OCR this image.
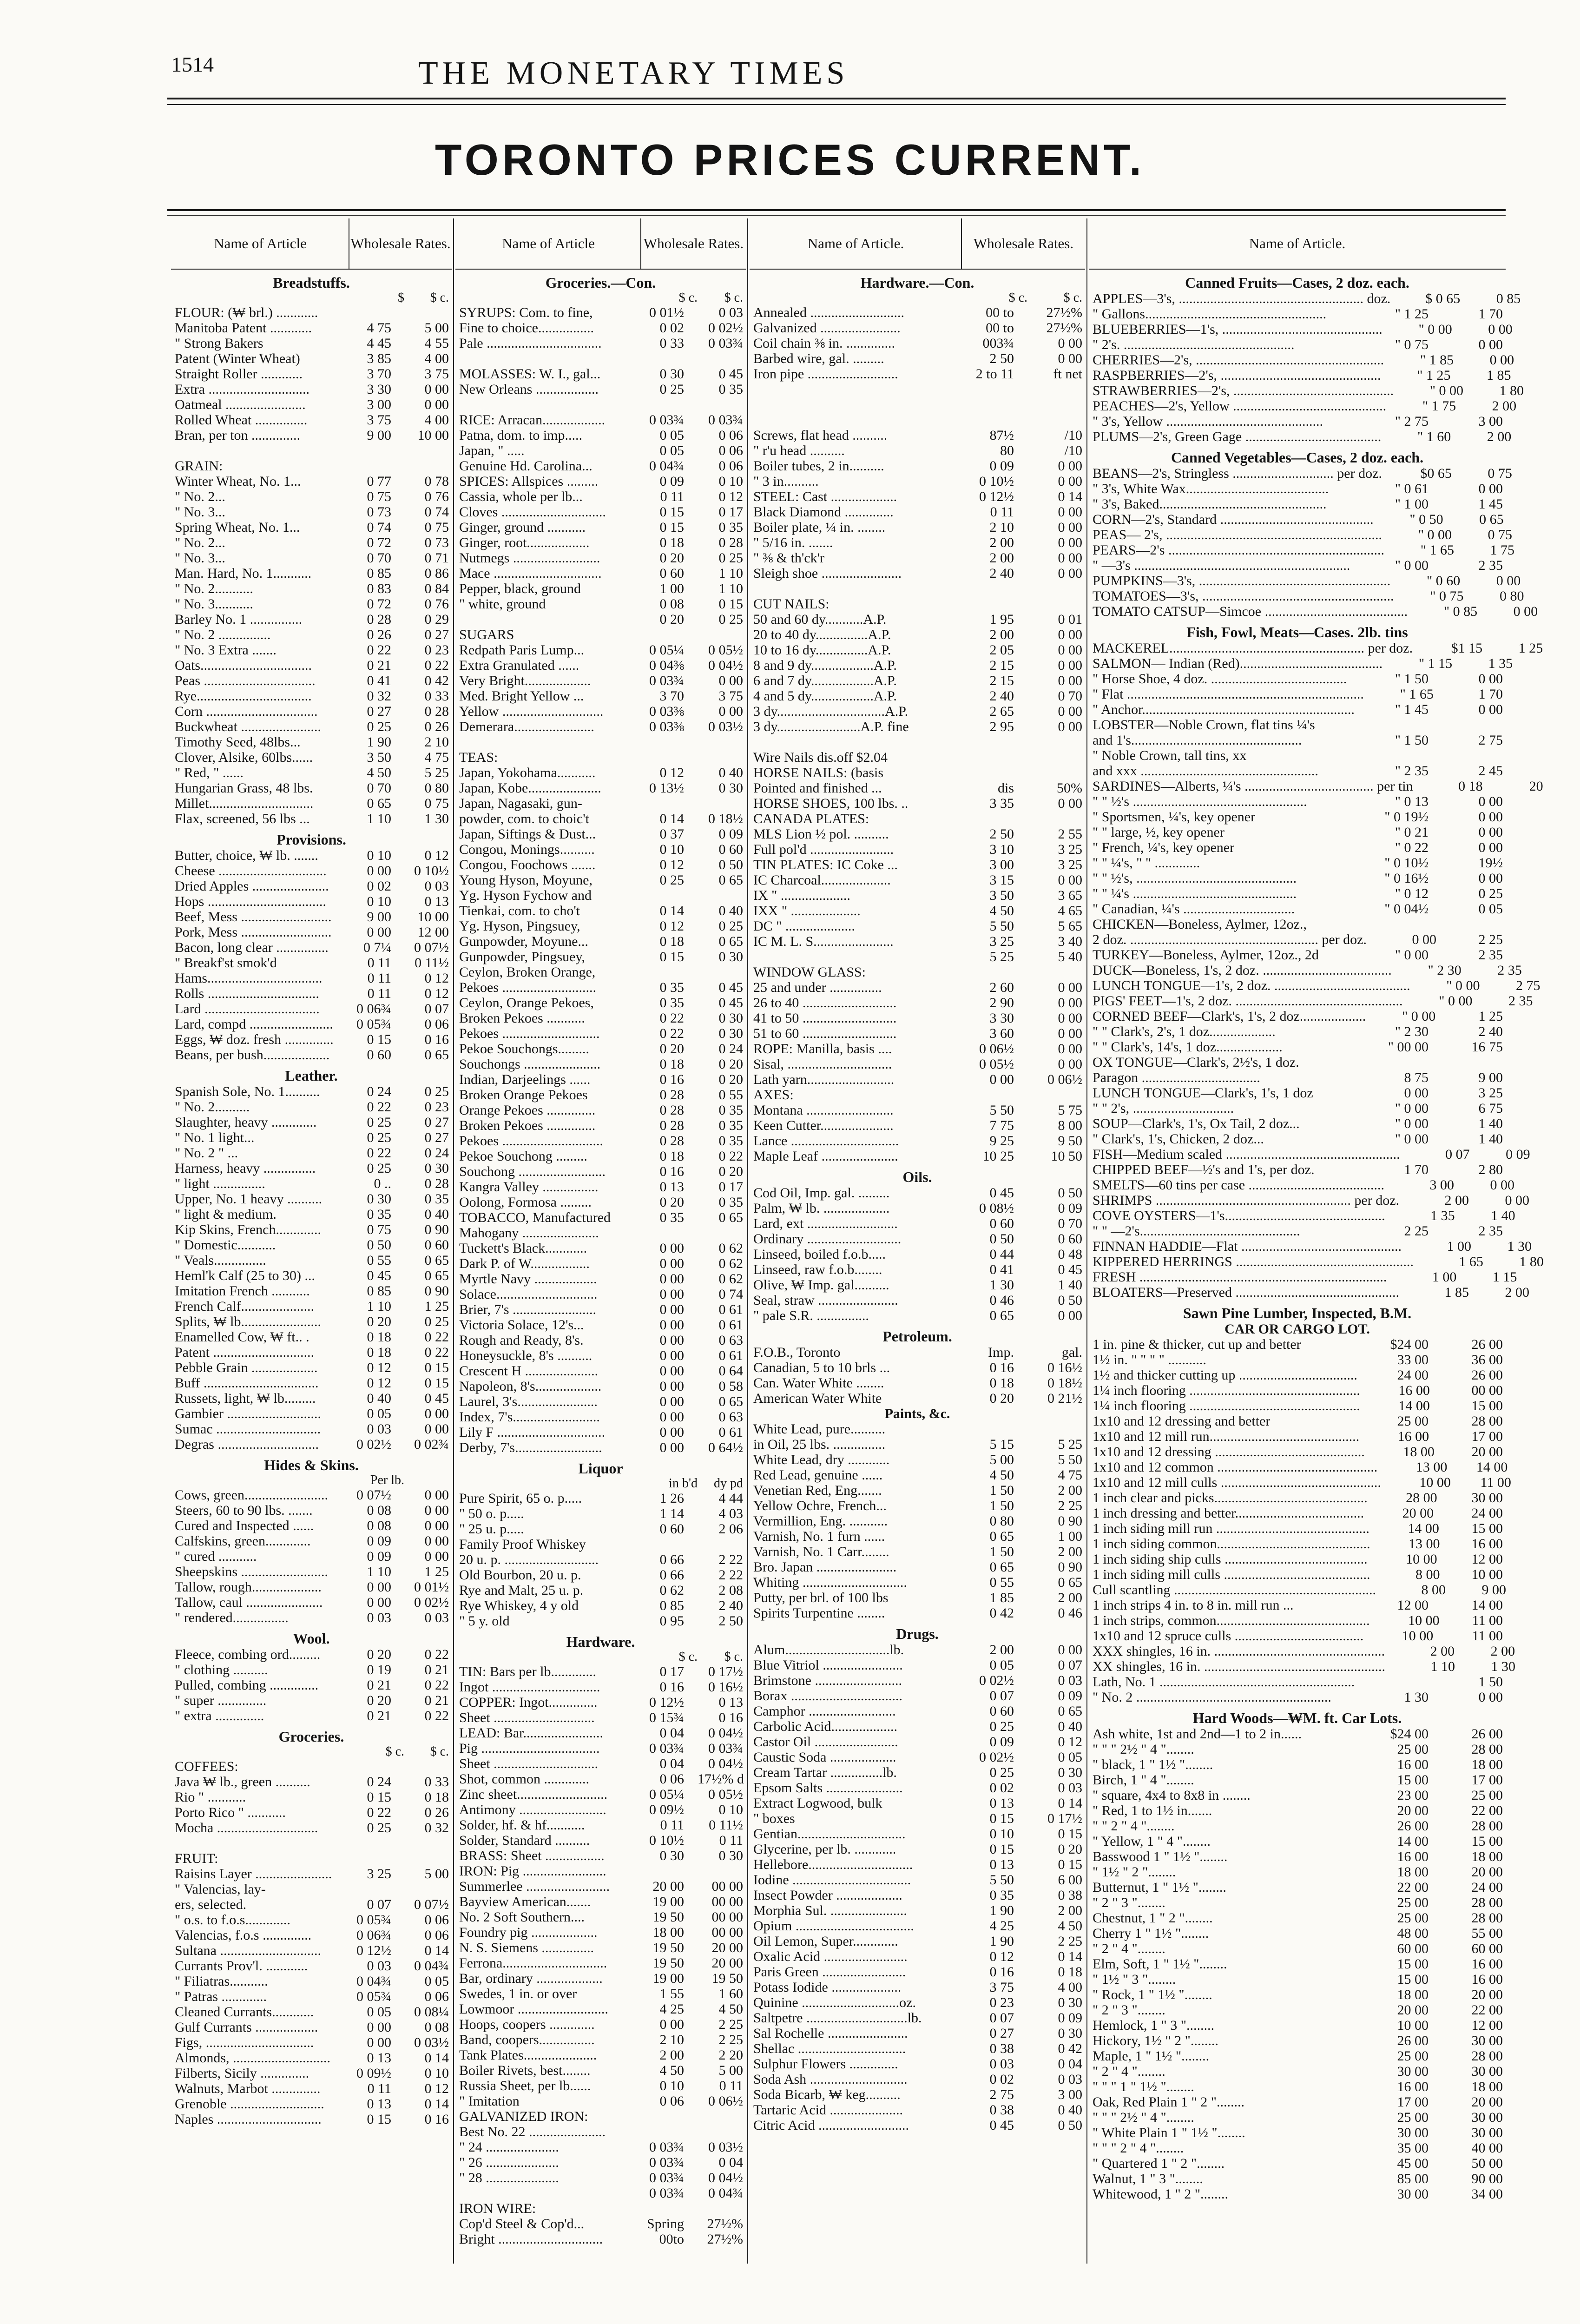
1514	THE MONETARY TIMES
TORONTO PRICES CURRENT.
Wholesale Rates.
Name of Article
Breadstuffs.
$	$ c.
FLOUR: (₩ brl.) ............
Manitoba Patent ............	4 75	5 00
" Strong Bakers	4 45	4 55
Patent (Winter Wheat)	3 85	4 00
Straight Roller ............	3 70	3 75
Extra .............................	3 30	0 00
Oatmeal .......................	3 00	0 00
Rolled Wheat ...............	3 75	4 00
Bran, per ton ..............	9 00	10 00
GRAIN:
Winter Wheat, No. 1...	0 77	0 78
" No. 2...	0 75	0 76
" No. 3...	0 73	0 74
Spring Wheat, No. 1...	0 74	0 75
" No. 2...	0 72	0 73
" No. 3...	0 70	0 71
Man. Hard, No. 1...........	0 85	0 86
" No. 2...........	0 83	0 84
" No. 3...........	0 72	0 76
Barley No. 1 ...............	0 28	0 29
" No. 2 ...............	0 26	0 27
" No. 3 Extra .......	0 22	0 23
Oats................................	0 21	0 22
Peas ................................	0 41	0 42
Rye.................................	0 32	0 33
Corn ................................	0 27	0 28
Buckwheat .......................	0 25	0 26
Timothy Seed, 48lbs...	1 90	2 10
Clover, Alsike, 60lbs......	3 50	4 75
" Red, " ......	4 50	5 25
Hungarian Grass, 48 lbs.	0 70	0 80
Millet..............................	0 65	0 75
Flax, screened, 56 lbs ...	1 10	1 30
Provisions.
Butter, choice, ₩ lb. .......	0 10	0 12
Cheese ...............................	0 00	0 10½
Dried Apples ......................	0 02	0 03
Hops ..................................	0 10	0 13
Beef, Mess ..........................	9 00	10 00
Pork, Mess ..........................	0 00	12 00
Bacon, long clear ...............	0 7¼	0 07½
" Breakf'st smok'd	0 11	0 11½
Hams.................................	0 11	0 12
Rolls ................................	0 11	0 12
Lard .................................	0 06¾	0 07
Lard, compd ........................	0 05¾	0 06
Eggs, ₩ doz. fresh ..............	0 15	0 16
Beans, per bush...................	0 60	0 65
Leather.
Spanish Sole, No. 1..........	0 24	0 25
" No. 2..........	0 22	0 23
Slaughter, heavy .............	0 25	0 27
" No. 1 light...	0 25	0 27
" No. 2 " ...	0 22	0 24
Harness, heavy ...............	0 25	0 30
" light ...............	0 ..	0 28
Upper, No. 1 heavy ..........	0 30	0 35
" light & medium.	0 35	0 40
Kip Skins, French.............	0 75	0 90
" Domestic...........	0 50	0 60
" Veals...............	0 55	0 65
Heml'k Calf (25 to 30) ...	0 45	0 65
Imitation French ...........	0 85	0 90
French Calf.....................	1 10	1 25
Splits, ₩ lb.......................	0 20	0 25
Enamelled Cow, ₩ ft.. .	0 18	0 22
Patent .............................	0 18	0 22
Pebble Grain ...................	0 12	0 15
Buff .................................	0 12	0 15
Russets, light, ₩ lb.........	0 40	0 45
Gambier ...........................	0 05	0 00
Sumac ..............................	0 03	0 00
Degras .............................	0 02½	0 02¾
Hides & Skins.
Per lb.
Cows, green........................	0 07½	0 00
Steers, 60 to 90 lbs. .......	0 08	0 00
Cured and Inspected ......	0 08	0 00
Calfskins, green.............	0 09	0 00
" cured ...........	0 09	0 00
Sheepskins .........................	1 10	1 25
Tallow, rough....................	0 00	0 01½
Tallow, caul ......................	0 00	0 02½
" rendered................	0 03	0 03
Wool.
Fleece, combing ord.........	0 20	0 22
" clothing ..........	0 19	0 21
Pulled, combing ..............	0 21	0 22
" super ..............	0 20	0 21
" extra ..............	0 21	0 22
Groceries.
$ c.	$ c.
COFFEES:
Java ₩ lb., green ..........	0 24	0 33
Rio " ...........	0 15	0 18
Porto Rico " ...........	0 22	0 26
Mocha .............................	0 25	0 32
FRUIT:
Raisins Layer ......................	3 25	5 00
" Valencias, lay-
ers, selected.	0 07	0 07½
" o.s. to f.o.s.............	0 05¾	0 06
Valencias, f.o.s ..............	0 06¾	0 06
Sultana .............................	0 12½	0 14
Currants Prov'l. ............	0 03	0 04¾
" Filiatras...........	0 04¾	0 05
" Patras .............	0 05¾	0 06
Cleaned Currants............	0 05	0 08¼
Gulf Currants ..................	0 00	0 08
Figs, ...............................	0 00	0 03½
Almonds, ............................	0 13	0 14
Filberts, Sicily ..............	0 09½	0 10
Walnuts, Marbot ..............	0 11	0 12
Grenoble ...........................	0 13	0 14
Naples ..............................	0 15	0 16
Wholesale Rates.
Name of Article
Groceries.—Con.
$ c.	$ c.
SYRUPS: Com. to fine,	0 01½	0 03
Fine to choice................	0 02	0 02½
Pale .................................	0 33	0 03¾
MOLASSES: W. I., gal...	0 30	0 45
New Orleans ..................	0 25	0 35
RICE: Arracan..................	0 03¾	0 03¾
Patna, dom. to imp.....	0 05	0 06
Japan, " .....	0 05	0 06
Genuine Hd. Carolina...	0 04¾	0 06
SPICES: Allspices .........	0 09	0 10
Cassia, whole per lb...	0 11	0 12
Cloves ..............................	0 15	0 17
Ginger, ground ...........	0 15	0 35
Ginger, root..................	0 18	0 28
Nutmegs .........................	0 20	0 25
Mace ...............................	0 60	1 10
Pepper, black, ground	1 00	1 10
" white, ground	0 08	0 15
0 20	0 25
SUGARS
Redpath Paris Lump...	0 05¼	0 05½
Extra Granulated ......	0 04⅜	0 04½
Very Bright...................	0 03¾	0 00
Med. Bright Yellow ...	3 70	3 75
Yellow .............................	0 03⅜	0 00
Demerara.......................	0 03⅜	0 03½
TEAS:
Japan, Yokohama...........	0 12	0 40
Japan, Kobe.....................	0 13½	0 30
Japan, Nagasaki, gun-
powder, com. to choic't	0 14	0 18½
Japan, Siftings & Dust...	0 37	0 09
Congou, Monings..........	0 10	0 60
Congou, Foochows .......	0 12	0 50
Young Hyson, Moyune,	0 25	0 65
Yg. Hyson Fychow and
Tienkai, com. to cho't	0 14	0 40
Yg. Hyson, Pingsuey,	0 12	0 25
Gunpowder, Moyune...	0 18	0 65
Gunpowder, Pingsuey,	0 15	0 30
Ceylon, Broken Orange,
Pekoes ...........................	0 35	0 45
Ceylon, Orange Pekoes,	0 35	0 45
Broken Pekoes ...........	0 22	0 30
Pekoes ............................	0 22	0 30
Pekoe Souchongs.........	0 20	0 24
Souchongs ......................	0 18	0 20
Indian, Darjeelings ......	0 16	0 20
Broken Orange Pekoes	0 28	0 55
Orange Pekoes ..............	0 28	0 35
Broken Pekoes ..............	0 28	0 35
Pekoes .............................	0 28	0 35
Pekoe Souchong .........	0 18	0 22
Souchong .........................	0 16	0 20
Kangra Valley ................	0 13	0 17
Oolong, Formosa .........	0 20	0 35
TOBACCO, Manufactured	0 35	0 65
Mahogany ......................
Tuckett's Black............	0 00	0 62
Dark P. of W.................	0 00	0 62
Myrtle Navy ..................	0 00	0 62
Solace.............................	0 00	0 74
Brier, 7's ........................	0 00	0 61
Victoria Solace, 12's...	0 00	0 61
Rough and Ready, 8's.	0 00	0 63
Honeysuckle, 8's ..........	0 00	0 61
Crescent H .....................	0 00	0 64
Napoleon, 8's...................	0 00	0 58
Laurel, 3's.......................	0 00	0 65
Index, 7's.........................	0 00	0 63
Lily F ...............................	0 00	0 61
Derby, 7's.........................	0 00	0 64½
Liquor
in b'd	dy pd
Pure Spirit, 65 o. p.....	1 26	4 44
" 50 o. p.....	1 14	4 03
" 25 u. p.....	0 60	2 06
Family Proof Whiskey
20 u. p. ...........................	0 66	2 22
Old Bourbon, 20 u. p.	0 66	2 22
Rye and Malt, 25 u. p.	0 62	2 08
Rye Whiskey, 4 y old	0 85	2 40
" 5 y. old	0 95	2 50
Hardware.
$ c.	$ c.
TIN: Bars per lb.............	0 17	0 17½
Ingot ...............................	0 16	0 16½
COPPER: Ingot..............	0 12½	0 13
Sheet .............................	0 15¾	0 16
LEAD: Bar.......................	0 04	0 04½
Pig ..................................	0 03¾	0 03¾
Sheet ..............................	0 04	0 04½
Shot, common .............	0 06 17½% d
Zinc sheet..........................	0 05¼	0 05½
Antimony .........................	0 09½	0 10
Solder, hf. & hf...........	0 11	0 11½
Solder, Standard ..........	0 10½	0 11
BRASS: Sheet .................	0 30	0 30
IRON: Pig ........................
Summerlee ........................	20 00	00 00
Bayview American.......	19 00	00 00
No. 2 Soft Southern....	19 50	00 00
Foundry pig ...................	18 00	00 00
N. S. Siemens ...............	19 50	20 00
Ferrona..............................	19 50	20 00
Bar, ordinary ...................	19 00	19 50
Swedes, 1 in. or over	1 55	1 60
Lowmoor ..........................	4 25	4 50
Hoops, coopers .............	0 00	2 25
Band, coopers................	2 10	2 25
Tank Plates.....................	2 00	2 20
Boiler Rivets, best........	4 50	5 00
Russia Sheet, per lb......	0 10	0 11
" Imitation	0 06	0 06½
GALVANIZED IRON:
Best No. 22 ......................
" 24 .....................	0 03¾	0 03½
" 26 .....................	0 03¾	0 04
" 28 .....................	0 03¾	0 04½
0 03¾	0 04¾
IRON WIRE:
Cop'd Steel & Cop'd...	Spring	27½%
Bright ..............................	00to	27½%
Wholesale Rates.
Name of Article.
Hardware.—Con.
$ c.	$ c.
Annealed ...........................	00 to	27½%
Galvanized .......................	00 to	27½%
Coil chain ⅜ in. ..............	003¾	0 00
Barbed wire, gal. .........	2 50	0 00
Iron pipe ..........................	2 to 11	ft net
Screws, flat head ..........	87½	/10
" r'u head ..........	80	/10
Boiler tubes, 2 in..........	0 09	0 00
" 3 in..........	0 10½	0 00
STEEL: Cast ...................	0 12½	0 14
Black Diamond ..............	0 11	0 00
Boiler plate, ¼ in. ........	2 10	0 00
" 5/16 in. .......	2 00	0 00
" ⅜ & th'ck'r	2 00	0 00
Sleigh shoe .......................	2 40	0 00
CUT NAILS:
50 and 60 dy...........A.P.	1 95	0 01
20 to 40 dy...............A.P.	2 00	0 00
10 to 16 dy...............A.P.	2 05	0 00
8 and 9 dy..................A.P.	2 15	0 00
6 and 7 dy..................A.P.	2 15	0 00
4 and 5 dy..................A.P.	2 40	0 70
3 dy...............................A.P.	2 65	0 00
3 dy........................A.P. fine	2 95	0 00
Wire Nails dis.off $2.04
HORSE NAILS: (basis
Pointed and finished ...	dis	50%
HORSE SHOES, 100 lbs. ..	3 35	0 00
CANADA PLATES:
MLS Lion ½ pol. ..........	2 50	2 55
Full pol'd ........................	3 10	3 25
TIN PLATES: IC Coke ...	3 00	3 25
IC Charcoal....................	3 15	0 00
IX " ....................	3 50	3 65
IXX " ....................	4 50	4 65
DC " ....................	5 50	5 65
IC M. L. S.......................	3 25	3 40
5 25	5 40
WINDOW GLASS:
25 and under ...............	2 60	0 00
26 to 40 ...........................	2 90	0 00
41 to 50 ...........................	3 30	0 00
51 to 60 ...........................	3 60	0 00
ROPE: Manilla, basis ....	0 06½	0 00
Sisal, ..............................	0 05½	0 00
Lath yarn.........................	0 00	0 06½
AXES:
Montana .........................	5 50	5 75
Keen Cutter.....................	7 75	8 00
Lance ...............................	9 25	9 50
Maple Leaf ......................	10 25	10 50
Oils.
Cod Oil, Imp. gal. .........	0 45	0 50
Palm, ₩ lb. ...................	0 08½	0 09
Lard, ext ..........................	0 60	0 70
Ordinary ...........................	0 50	0 60
Linseed, boiled f.o.b.....	0 44	0 48
Linseed, raw f.o.b........	0 41	0 45
Olive, ₩ Imp. gal..........	1 30	1 40
Seal, straw .......................	0 46	0 50
" pale S.R. ...............	0 65	0 00
Petroleum.
F.O.B., Toronto	Imp.	gal.
Canadian, 5 to 10 brls ...	0 16	0 16½
Can. Water White ........	0 18	0 18½
American Water White	0 20	0 21½
Paints, &c.
White Lead, pure..........
in Oil, 25 lbs. ...............	5 15	5 25
White Lead, dry ............	5 00	5 50
Red Lead, genuine ......	4 50	4 75
Venetian Red, Eng.......	1 50	2 00
Yellow Ochre, French...	1 50	2 25
Vermillion, Eng. ...........	0 80	0 90
Varnish, No. 1 furn ......	0 65	1 00
Varnish, No. 1 Carr........	1 50	2 00
Bro. Japan .......................	0 65	0 90
Whiting ..............................	0 55	0 65
Putty, per brl. of 100 lbs	1 85	2 00
Spirits Turpentine ........	0 42	0 46
Drugs.
Alum..............................lb.	2 00	0 00
Blue Vitriol .......................	0 05	0 07
Brimstone .........................	0 02½	0 03
Borax ................................	0 07	0 09
Camphor .........................	0 60	0 65
Carbolic Acid...................	0 25	0 40
Castor Oil ........................	0 09	0 12
Caustic Soda ...................	0 02½	0 05
Cream Tartar ...............lb.	0 25	0 30
Epsom Salts ......................	0 02	0 03
Extract Logwood, bulk	0 13	0 14
" boxes	0 15	0 17½
Gentian...............................	0 10	0 15
Glycerine, per lb. ............	0 15	0 20
Hellebore..............................	0 13	0 15
Iodine ..................................	5 50	6 00
Insect Powder ...................	0 35	0 38
Morphia Sul. ......................	1 90	2 00
Opium ..................................	4 25	4 50
Oil Lemon, Super.............	1 90	2 25
Oxalic Acid ........................	0 12	0 14
Paris Green ........................	0 16	0 18
Potass Iodide ....................	3 75	4 00
Quinine ............................oz.	0 23	0 30
Saltpetre .............................lb.	0 07	0 09
Sal Rochelle .......................	0 27	0 30
Shellac ...............................	0 38	0 42
Sulphur Flowers ..............	0 03	0 04
Soda Ash ............................	0 02	0 03
Soda Bicarb, ₩ keg..........	2 75	3 00
Tartaric Acid .....................	0 38	0 40
Citric Acid ..........................	0 45	0 50
Name of Article.
Canned Fruits—Cases, 2 doz. each.
APPLES—3's, ..................................................... doz.	$ 0 65	0 85
" Gallons....................................................	" 1 25	1 70
BLUEBERRIES—1's, ..............................................	" 0 00	0 00
" 2's. .................................................	" 0 75	0 00
CHERRIES—2's, ......................................................	" 1 85	0 00
RASPBERRIES—2's, ..............................................	" 1 25	1 85
STRAWBERRIES—2's, ..............................................	" 0 00	1 80
PEACHES—2's, Yellow ............................................	" 1 75	2 00
" 3's, Yellow .............................................	" 2 75	3 00
PLUMS—2's, Green Gage .......................................	" 1 60	2 00
Canned Vegetables—Cases, 2 doz. each.
BEANS—2's, Stringless ............................. per doz.	$0 65	0 75
" 3's, White Wax.........................................	" 0 61	0 00
" 3's, Baked................................................	" 1 00	1 45
CORN—2's, Standard ............................................	" 0 50	0 65
PEAS— 2's, ..............................................................	" 0 00	0 75
PEARS—2's ..............................................................	" 1 65	1 75
" —3's ..............................................................	" 0 00	2 35
PUMPKINS—3's, .......................................................	" 0 60	0 00
TOMATOES—3's, .......................................................	" 0 75	0 80
TOMATO CATSUP—Simcoe .........................................	" 0 85	0 00
Fish, Fowl, Meats—Cases. 2lb. tins
MACKEREL........................................................ per doz.	$1 15	1 25
SALMON— Indian (Red).........................................	" 1 15	1 35
" Horse Shoe, 4 doz. .......................................	" 1 50	0 00
" Flat ....................................................................	" 1 65	1 70
" Anchor.............................................................	" 1 45	0 00
LOBSTER—Noble Crown, flat tins ¼'s
and 1's.................................................	" 1 50	2 75
" Noble Crown, tall tins, xx
and xxx ...................................................	" 2 35	2 45
SARDINES—Alberts, ¼'s ..................................... per tin	0 18	20
" " ½'s ..................................................	" 0 13	0 00
" Sportsmen, ¼'s, key opener	" 0 19½	0 00
" " large, ½, key opener	" 0 21	0 00
" French, ¼'s, key opener	" 0 22	0 00
" " ¼'s, " " .............	" 0 10½	19½
" " ½'s, ..............................................	" 0 16½	0 00
" " ¼'s ...............................................	" 0 12	0 25
" Canadian, ¼'s ................................	" 0 04½	0 05
CHICKEN—Boneless, Aylmer, 12oz.,
2 doz. ...................................................... per doz.	0 00	2 25
TURKEY—Boneless, Aylmer, 12oz., 2d	" 0 00	2 35
DUCK—Boneless, 1's, 2 doz. .....................................	" 2 30	2 35
LUNCH TONGUE—1's, 2 doz. .......................................	" 0 00	2 75
PIGS' FEET—1's, 2 doz. ................................................	" 0 00	2 35
CORNED BEEF—Clark's, 1's, 2 doz...................	" 0 00	1 25
" " Clark's, 2's, 1 doz...................	" 2 30	2 40
" " Clark's, 14's, 1 doz...................	" 00 00	16 75
OX TONGUE—Clark's, 2½'s, 1 doz.
Paragon ..................................	8 75	9 00
LUNCH TONGUE—Clark's, 1's, 1 doz	0 00	3 25
" " 2's, .............................	" 0 00	6 75
SOUP—Clark's, 1's, Ox Tail, 2 doz...	" 0 00	1 40
" Clark's, 1's, Chicken, 2 doz...	" 0 00	1 40
FISH—Medium scaled ..................................................	0 07	0 09
CHIPPED BEEF—½'s and 1's, per doz.	1 70	2 80
SMELTS—60 tins per case .......................................	3 00	0 00
SHRIMPS ........................................................ per doz.	2 00	0 00
COVE OYSTERS—1's..............................................	1 35	1 40
" " —2's..............................................	2 25	2 35
FINNAN HADDIE—Flat ..............................................	1 00	1 30
KIPPERED HERRINGS ...................................................	1 65	1 80
FRESH .......................................................................	1 00	1 15
BLOATERS—Preserved ...............................................	1 85	2 00
Sawn Pine Lumber, Inspected, B.M.
CAR OR CARGO LOT.
1 in. pine & thicker, cut up and better	$24 00	26 00
1½ in. " " " " ...........	33 00	36 00
1½ and thicker cutting up ..................................	24 00	26 00
1¼ inch flooring .................................................	16 00	00 00
1¼ inch flooring .................................................	14 00	15 00
1x10 and 12 dressing and better	25 00	28 00
1x10 and 12 mill run...........................................	16 00	17 00
1x10 and 12 dressing ...........................................	18 00	20 00
1x10 and 12 common ..............................................	13 00	14 00
1x10 and 12 mill culls ..............................................	10 00	11 00
1 inch clear and picks............................................	28 00	30 00
1 inch dressing and better.....................................	20 00	24 00
1 inch siding mill run ............................................	14 00	15 00
1 inch siding common............................................	13 00	16 00
1 inch siding ship culls .........................................	10 00	12 00
1 inch siding mill culls ..........................................	8 00	10 00
Cull scantling ..........................................................	8 00	9 00
1 inch strips 4 in. to 8 in. mill run ...	12 00	14 00
1 inch strips, common............................................	10 00	11 00
1x10 and 12 spruce culls .....................................	10 00	11 00
XXX shingles, 16 in. .................................................	2 00	2 00
XX shingles, 16 in. ....................................................	1 10	1 30
Lath, No. 1 ........................................................	1 50
" No. 2 ........................................................	1 30	0 00
Hard Woods—₩M. ft. Car Lots.
Ash white, 1st and 2nd—1 to 2 in......	$24 00	26 00
" " " 2½ " 4 "........	25 00	28 00
" black, 1 " 1½ "........	16 00	18 00
Birch, 1 " 4 "........	15 00	17 00
" square, 4x4 to 8x8 in ........	23 00	25 00
" Red, 1 to 1½ in.......	20 00	22 00
" " 2 " 4 "........	26 00	28 00
" Yellow, 1 " 4 "........	14 00	15 00
Basswood 1 " 1½ "........	16 00	18 00
" 1½ " 2 "........	18 00	20 00
Butternut, 1 " 1½ "........	22 00	24 00
" 2 " 3 "........	25 00	28 00
Chestnut, 1 " 2 "........	25 00	28 00
Cherry 1 " 1½ "........	48 00	55 00
" 2 " 4 "........	60 00	60 00
Elm, Soft, 1 " 1½ "........	15 00	16 00
" 1½ " 3 "........	15 00	16 00
" Rock, 1 " 1½ "........	18 00	20 00
" 2 " 3 "........	20 00	22 00
Hemlock, 1 " 3 "........	10 00	12 00
Hickory, 1½ " 2 "........	26 00	30 00
Maple, 1 " 1½ "........	25 00	28 00
" 2 " 4 "........	30 00	30 00
" " " 1 " 1½ "........	16 00	18 00
Oak, Red Plain 1 " 2 "........	17 00	20 00
" " " 2½ " 4 "........	25 00	30 00
" White Plain 1 " 1½ "........	30 00	30 00
" " " 2 " 4 "........	35 00	40 00
" Quartered 1 " 2 "........	45 00	50 00
Walnut, 1 " 3 "........	85 00	90 00
Whitewood, 1 " 2 "........	30 00	34 00
